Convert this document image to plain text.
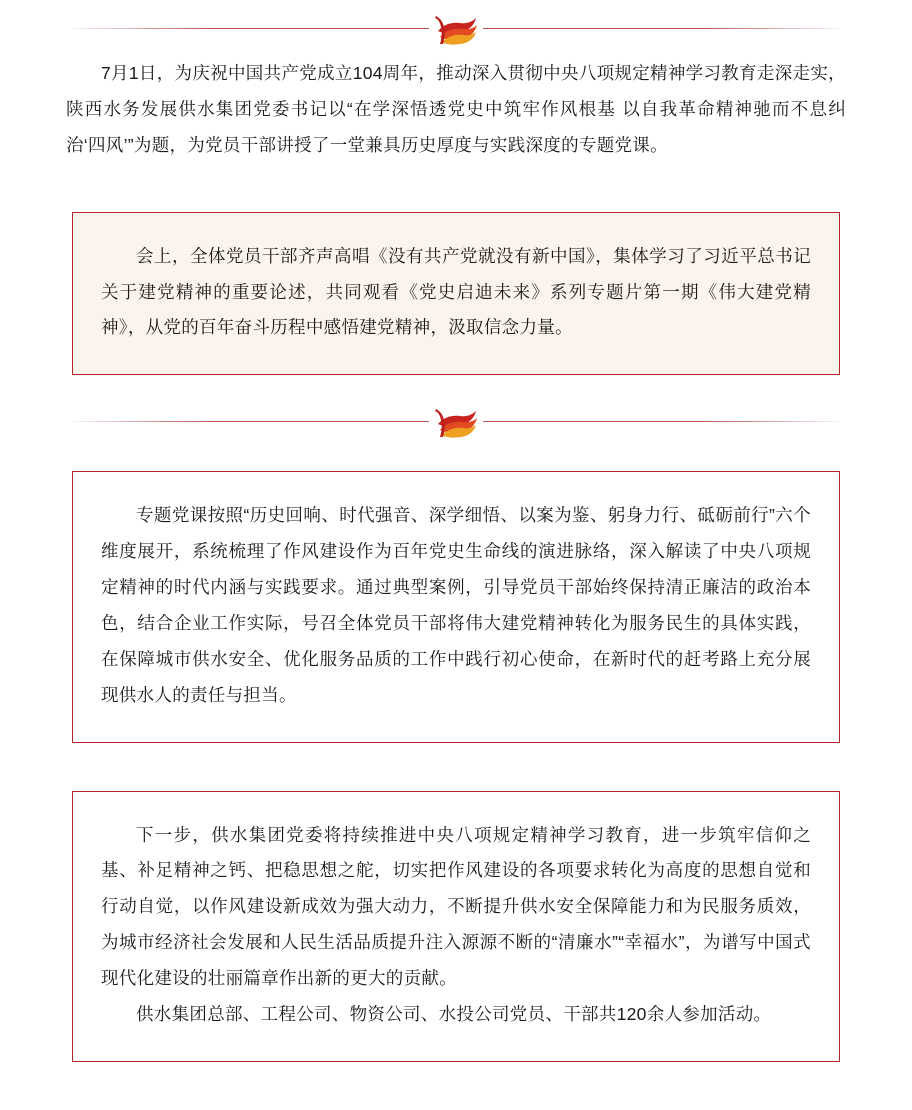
7月1日，为庆祝中国共产党成立104周年，推动深入贯彻中央八项规定精神学习教育走深走实，陕西水务发展供水集团党委书记以“在学深悟透党史中筑牢作风根基 以自我革命精神驰而不息纠治‘四风’”为题，为党员干部讲授了一堂兼具历史厚度与实践深度的专题党课。

会上，全体党员干部齐声高唱《没有共产党就没有新中国》，集体学习了习近平总书记关于建党精神的重要论述，共同观看《党史启迪未来》系列专题片第一期《伟大建党精神》，从党的百年奋斗历程中感悟建党精神，汲取信念力量。

专题党课按照“历史回响、时代强音、深学细悟、以案为鉴、躬身力行、砥砺前行”六个维度展开，系统梳理了作风建设作为百年党史生命线的演进脉络，深入解读了中央八项规定精神的时代内涵与实践要求。通过典型案例，引导党员干部始终保持清正廉洁的政治本色，结合企业工作实际，号召全体党员干部将伟大建党精神转化为服务民生的具体实践，在保障城市供水安全、优化服务品质的工作中践行初心使命，在新时代的赶考路上充分展现供水人的责任与担当。

下一步，供水集团党委将持续推进中央八项规定精神学习教育，进一步筑牢信仰之基、补足精神之钙、把稳思想之舵，切实把作风建设的各项要求转化为高度的思想自觉和行动自觉，以作风建设新成效为强大动力，不断提升供水安全保障能力和为民服务质效，为城市经济社会发展和人民生活品质提升注入源源不断的“清廉水”“幸福水”，为谱写中国式现代化建设的壮丽篇章作出新的更大的贡献。

供水集团总部、工程公司、物资公司、水投公司党员、干部共120余人参加活动。
